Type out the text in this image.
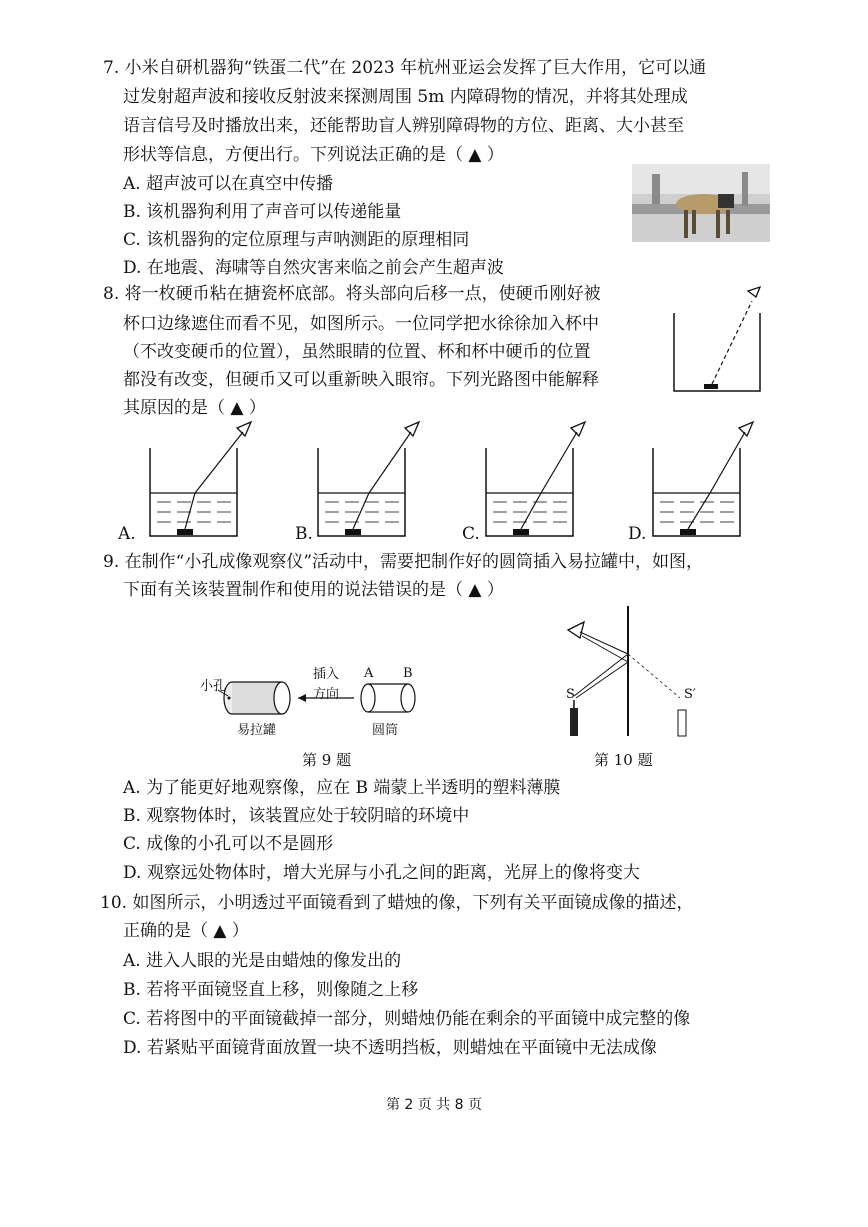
7. 小米自研机器狗“铁蛋二代”在 2023 年杭州亚运会发挥了巨大作用，它可以通
过发射超声波和接收反射波来探测周围 5m 内障碍物的情况，并将其处理成
语言信号及时播放出来，还能帮助盲人辨别障碍物的方位、距离、大小甚至
形状等信息，方便出行。下列说法正确的是（ ▲ ）
A. 超声波可以在真空中传播
B. 该机器狗利用了声音可以传递能量
C. 该机器狗的定位原理与声呐测距的原理相同
D. 在地震、海啸等自然灾害来临之前会产生超声波
8. 将一枚硬币粘在搪瓷杯底部。将头部向后移一点，使硬币刚好被
杯口边缘遮住而看不见，如图所示。一位同学把水徐徐加入杯中
（不改变硬币的位置），虽然眼睛的位置、杯和杯中硬币的位置
都没有改变，但硬币又可以重新映入眼帘。下列光路图中能解释
其原因的是（ ▲ ）
A.	B.	C.	D.
9. 在制作“小孔成像观察仪”活动中，需要把制作好的圆筒插入易拉罐中，如图，
下面有关该装置制作和使用的说法错误的是（ ▲ ）
小孔
插入
方向
A B
易拉罐	圆筒
第 9 题
S	S′
第 10 题
A. 为了能更好地观察像，应在 B 端蒙上半透明的塑料薄膜
B. 观察物体时，该装置应处于较阴暗的环境中
C. 成像的小孔可以不是圆形
D. 观察远处物体时，增大光屏与小孔之间的距离，光屏上的像将变大
10. 如图所示，小明透过平面镜看到了蜡烛的像，下列有关平面镜成像的描述，
正确的是（ ▲ ）
A. 进入人眼的光是由蜡烛的像发出的
B. 若将平面镜竖直上移，则像随之上移
C. 若将图中的平面镜截掉一部分，则蜡烛仍能在剩余的平面镜中成完整的像
D. 若紧贴平面镜背面放置一块不透明挡板，则蜡烛在平面镜中无法成像
第 2 页 共 8 页
